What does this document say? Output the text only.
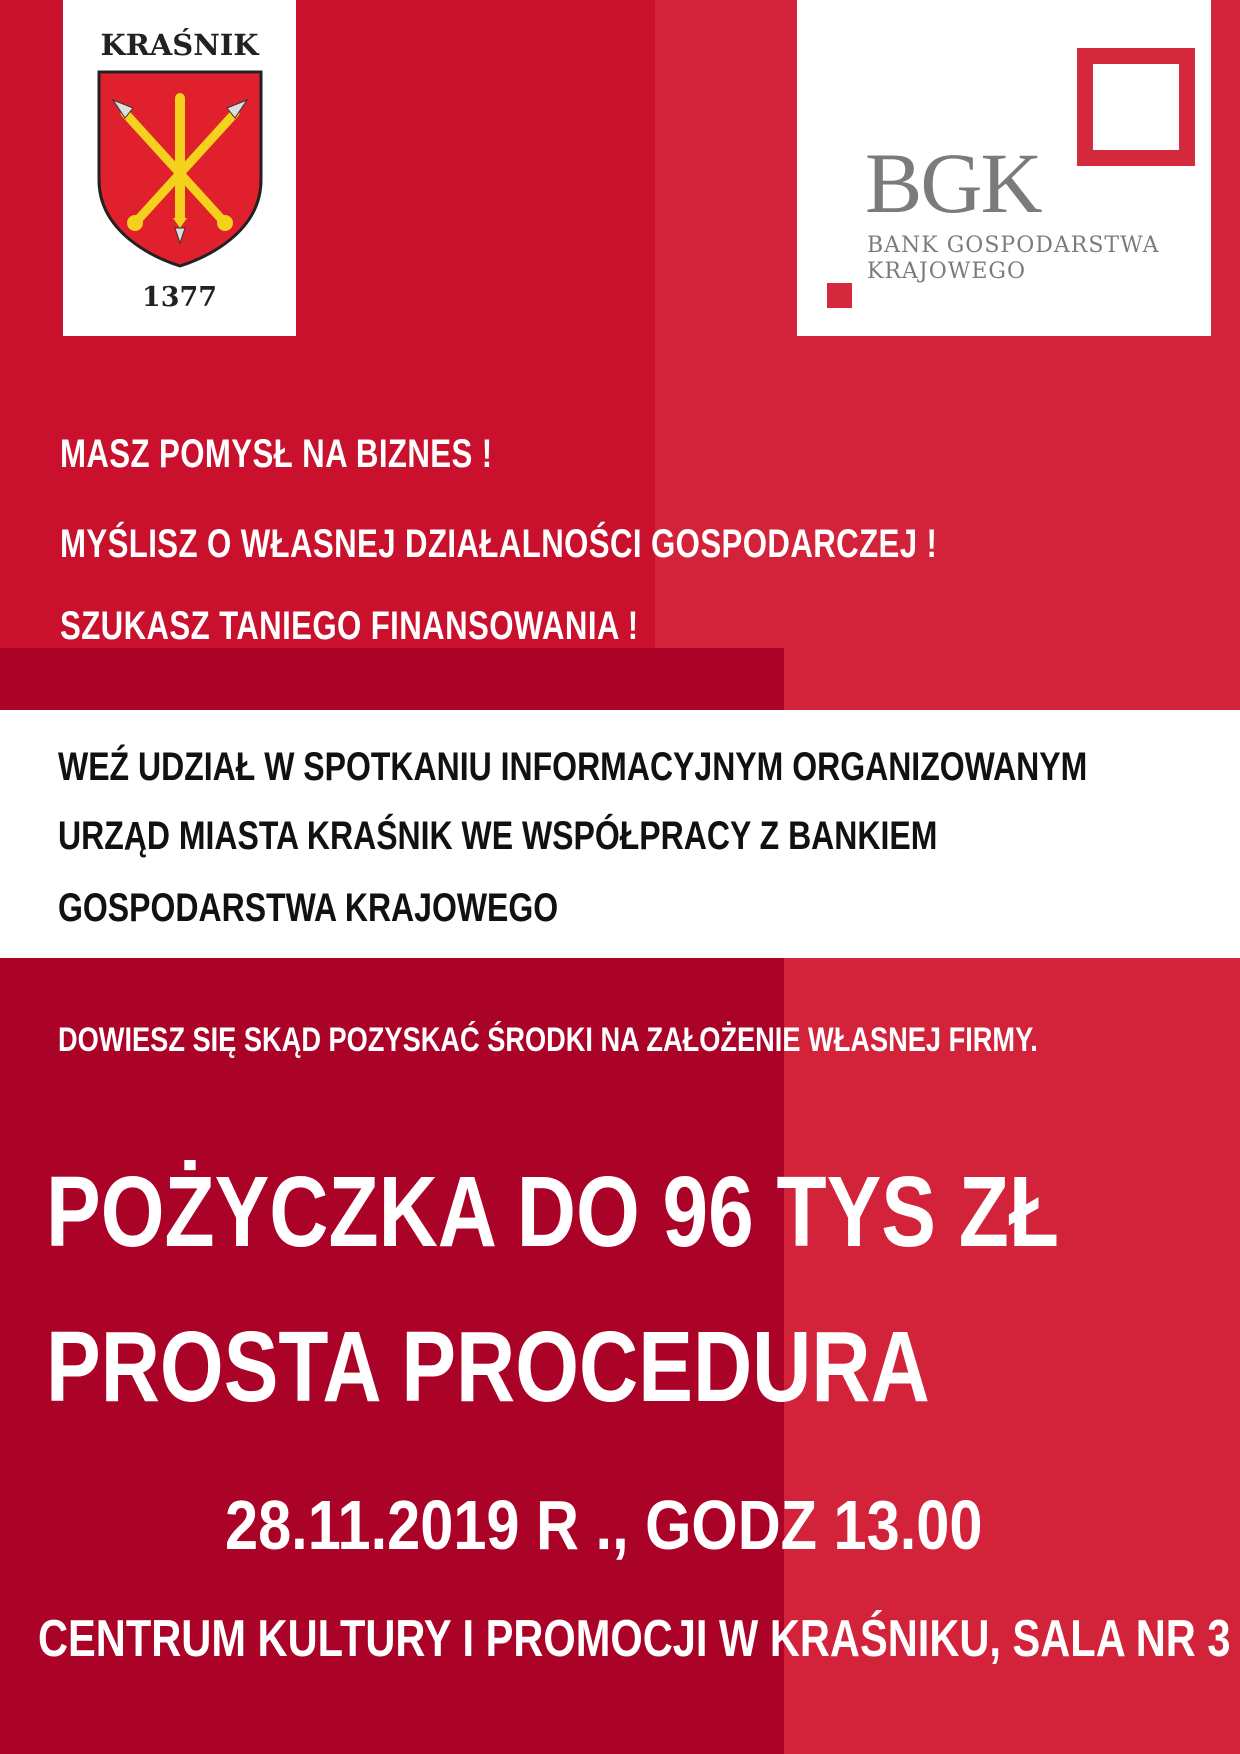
KRAŚNIK
1377
BGK
BANK GOSPODARSTWA
KRAJOWEGO
MASZ POMYSŁ NA BIZNES !
MYŚLISZ O WŁASNEJ DZIAŁALNOŚCI GOSPODARCZEJ !
SZUKASZ TANIEGO FINANSOWANIA !
WEŹ UDZIAŁ W SPOTKANIU INFORMACYJNYM ORGANIZOWANYM
URZĄD MIASTA KRAŚNIK WE WSPÓŁPRACY Z BANKIEM
GOSPODARSTWA KRAJOWEGO
DOWIESZ SIĘ SKĄD POZYSKAĆ ŚRODKI NA ZAŁOŻENIE WŁASNEJ FIRMY.
POŻYCZKA DO 96 TYS ZŁ
PROSTA PROCEDURA
28.11.2019 R ., GODZ 13.00
CENTRUM KULTURY I PROMOCJI W KRAŚNIKU, SALA NR 3
